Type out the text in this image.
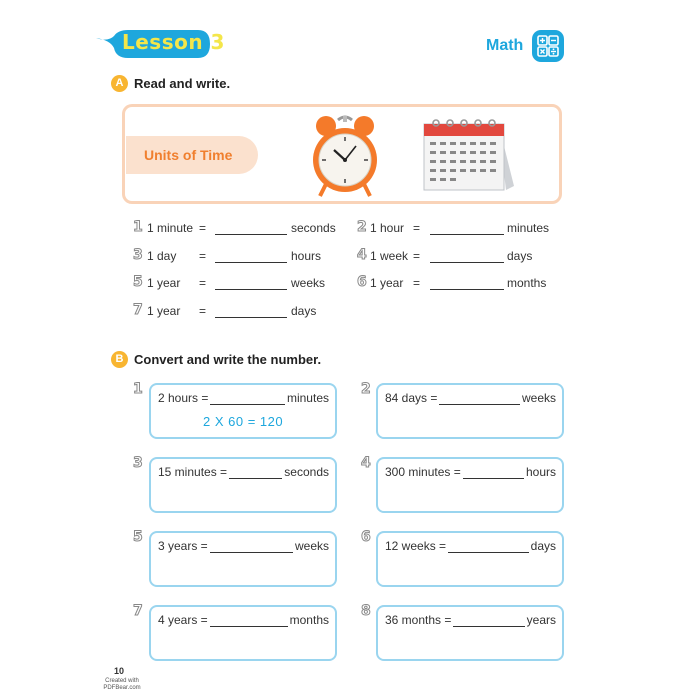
Lesson 3	Math
A Read and write.
Units of Time
1 1 minute =	seconds 2 1 hour =	minutes
3 1 day =	hours	4 1 week =	days
5 1 year =	weeks 6 1 year =	months
7 1 year =	days
B Convert and write the number.
1
2 hours =	minutes
2 X 60 = 120
2
84 days =	weeks
3
15 minutes =	seconds
4
300 minutes =	hours
5
3 years =	weeks
6
12 weeks =	days
7
4 years =	months
8
36 months =	years
10
Created with
PDFBear.com
